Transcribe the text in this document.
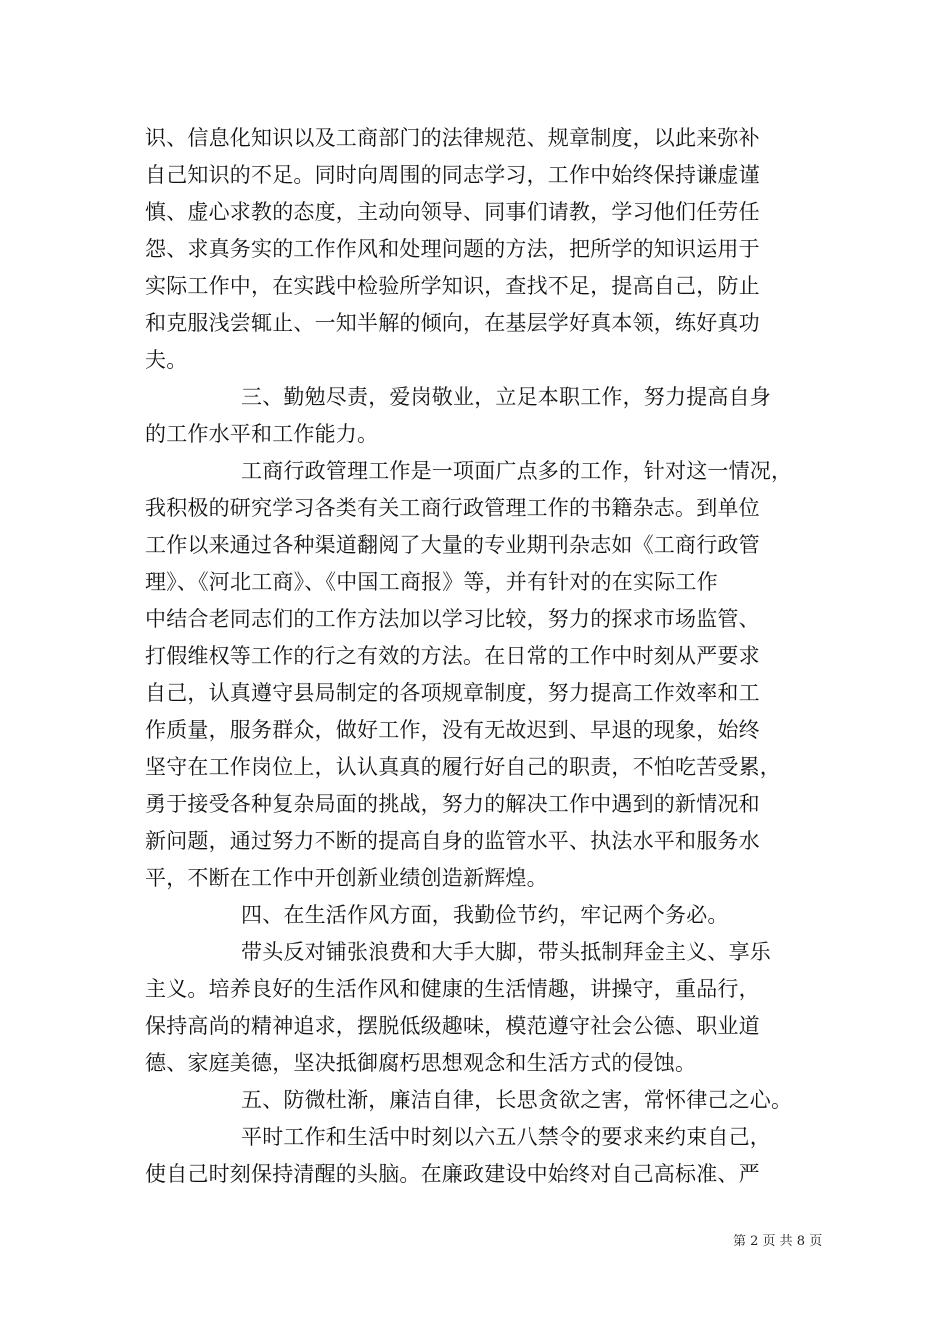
识、信息化知识以及工商部门的法律规范、规章制度，以此来弥补
自己知识的不足。同时向周围的同志学习，工作中始终保持谦虚谨
慎、虚心求教的态度，主动向领导、同事们请教，学习他们任劳任
怨、求真务实的工作作风和处理问题的方法，把所学的知识运用于
实际工作中，在实践中检验所学知识，查找不足，提高自己，防止
和克服浅尝辄止、一知半解的倾向，在基层学好真本领，练好真功
夫。
三、勤勉尽责，爱岗敬业，立足本职工作，努力提高自身
的工作水平和工作能力。
工商行政管理工作是一项面广点多的工作，针对这一情况，
我积极的研究学习各类有关工商行政管理工作的书籍杂志。到单位
工作以来通过各种渠道翻阅了大量的专业期刊杂志如《工商行政管
理》、《河北工商》、《中国工商报》等，并有针对的在实际工作
中结合老同志们的工作方法加以学习比较，努力的探求市场监管、
打假维权等工作的行之有效的方法。在日常的工作中时刻从严要求
自己，认真遵守县局制定的各项规章制度，努力提高工作效率和工
作质量，服务群众，做好工作，没有无故迟到、早退的现象，始终
坚守在工作岗位上，认认真真的履行好自己的职责，不怕吃苦受累，
勇于接受各种复杂局面的挑战，努力的解决工作中遇到的新情况和
新问题，通过努力不断的提高自身的监管水平、执法水平和服务水
平，不断在工作中开创新业绩创造新辉煌。
四、在生活作风方面，我勤俭节约，牢记两个务必。
带头反对铺张浪费和大手大脚，带头抵制拜金主义、享乐
主义。培养良好的生活作风和健康的生活情趣，讲操守，重品行，
保持高尚的精神追求，摆脱低级趣味，模范遵守社会公德、职业道
德、家庭美德，坚决抵御腐朽思想观念和生活方式的侵蚀。
五、防微杜渐，廉洁自律，长思贪欲之害，常怀律己之心。
平时工作和生活中时刻以六五八禁令的要求来约束自己，
使自己时刻保持清醒的头脑。在廉政建设中始终对自己高标准、严
第 2 页 共 8 页
